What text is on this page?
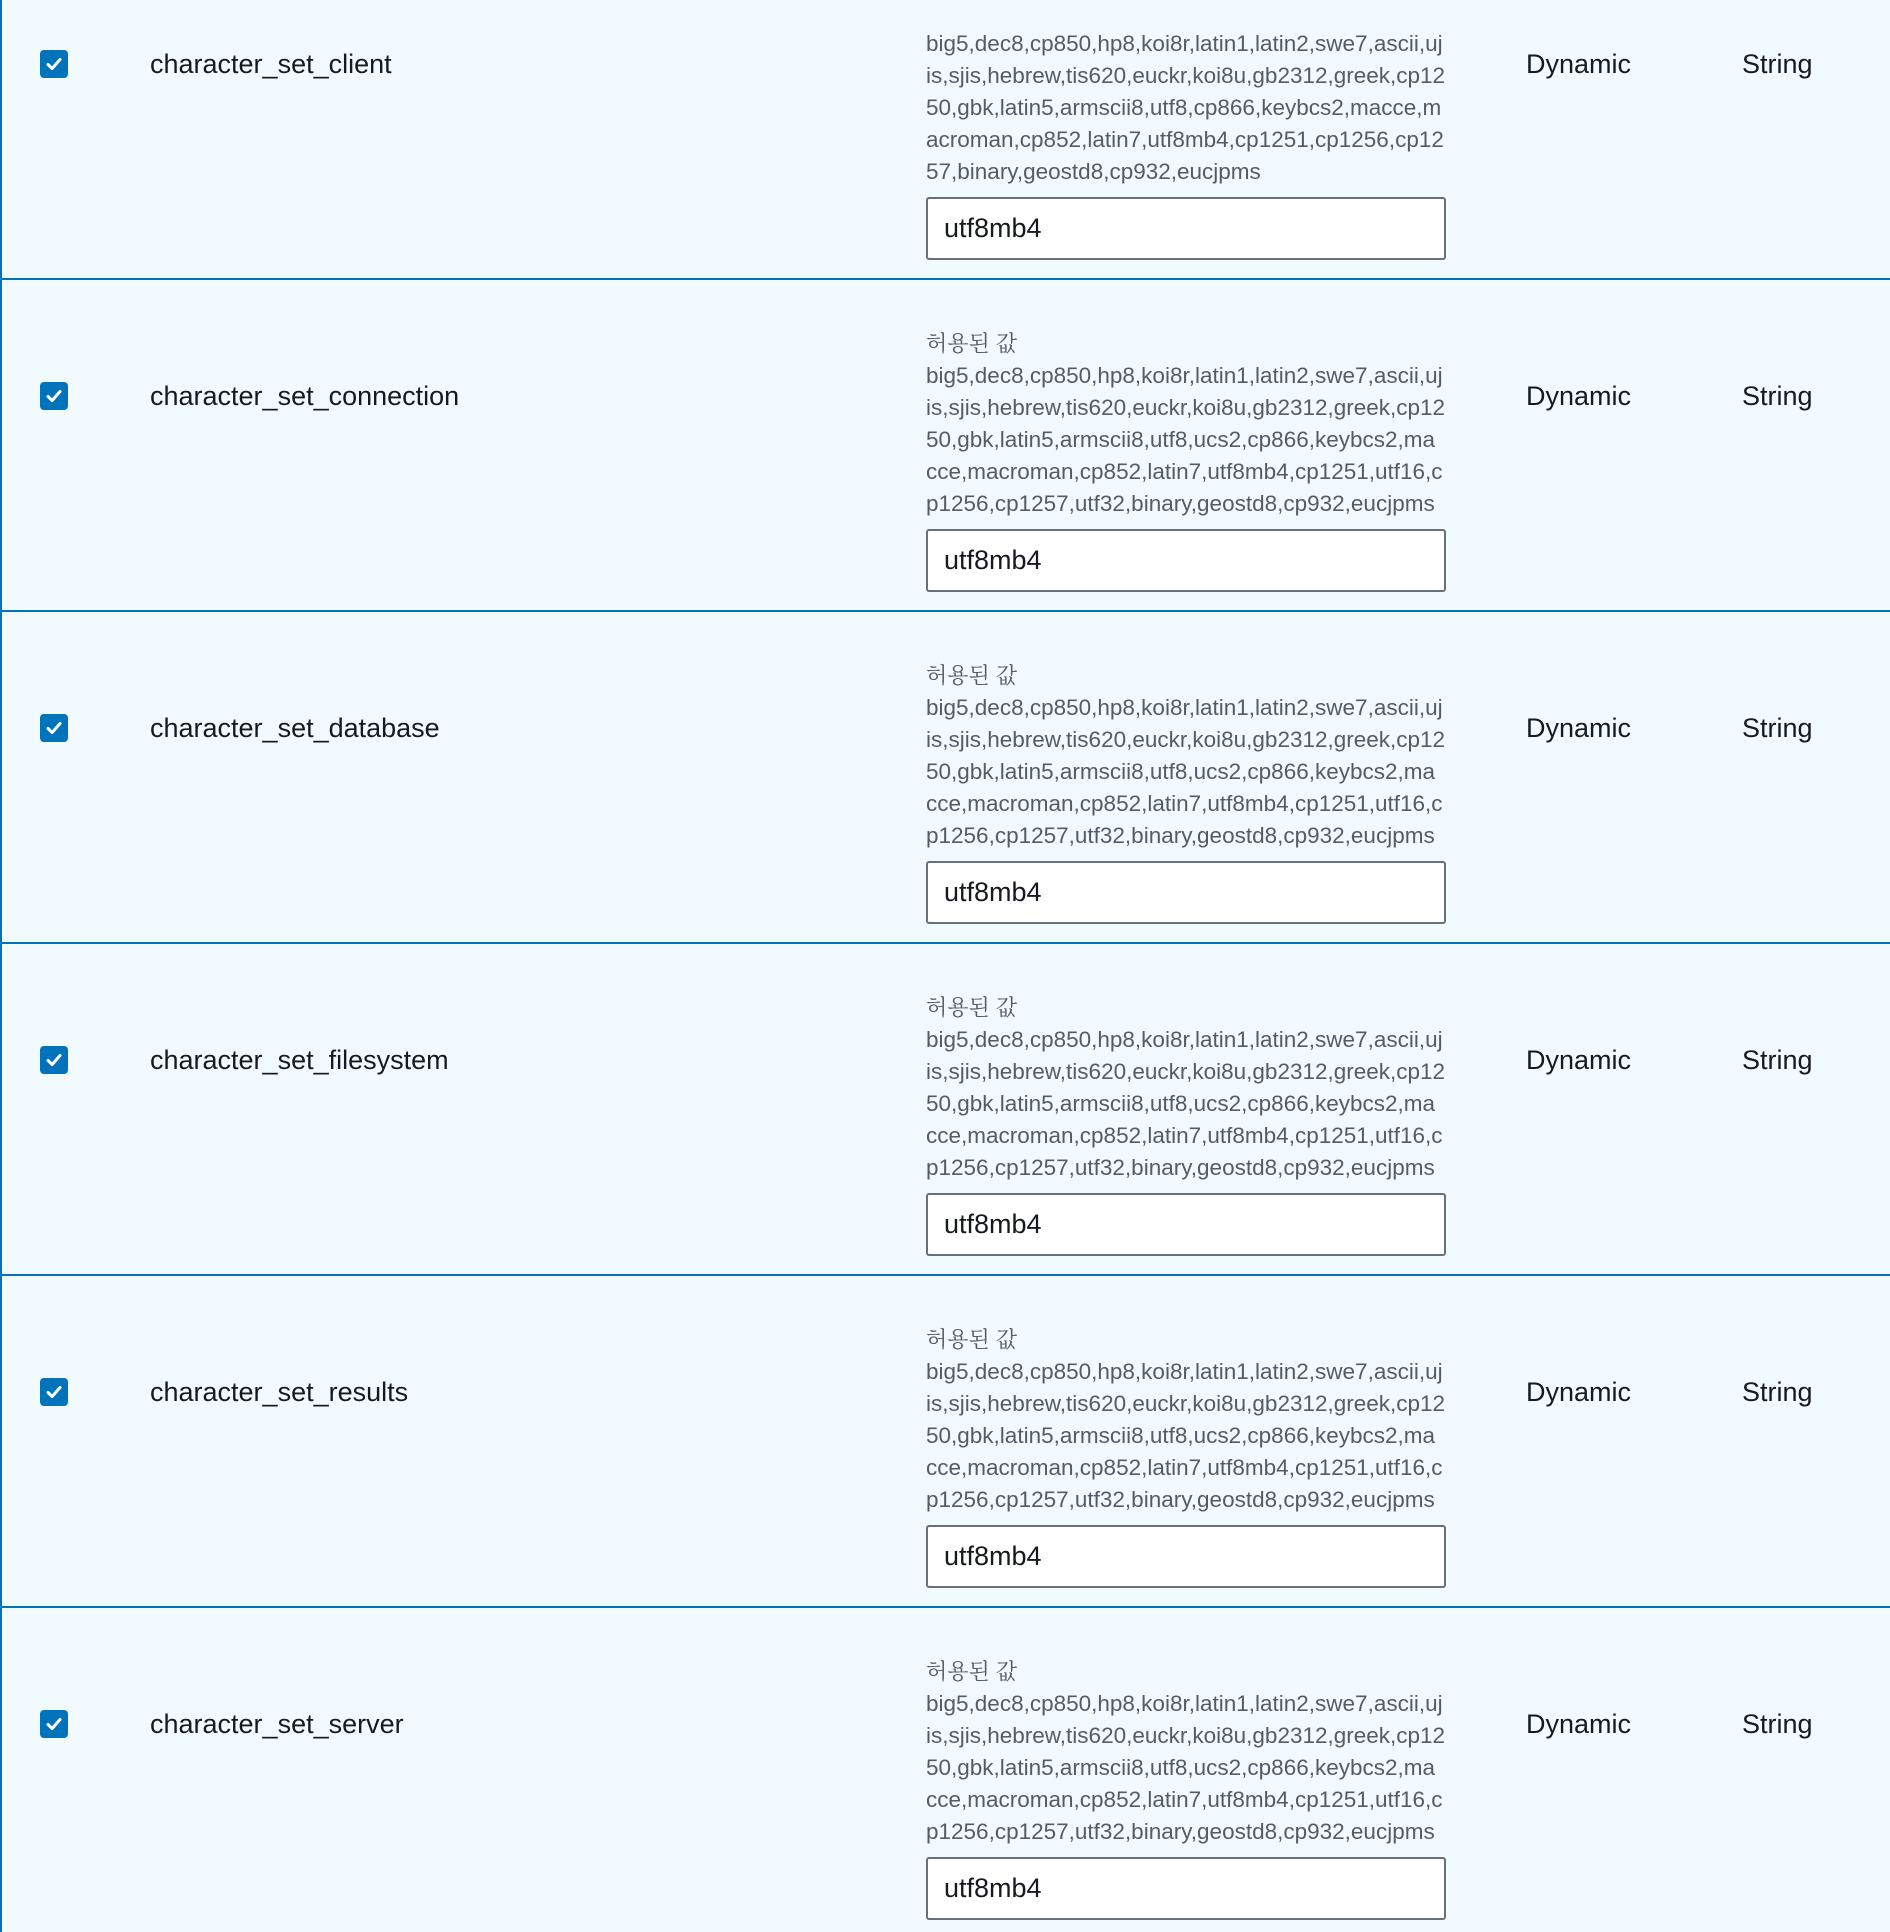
character_set_client
big5,dec8,cp850,hp8,koi8r,latin1,latin2,swe7,ascii,ujis,sjis,hebrew,tis620,euckr,koi8u,gb2312,greek,cp1250,gbk,latin5,armscii8,utf8,cp866,keybcs2,macce,macroman,cp852,latin7,utf8mb4,cp1251,cp1256,cp1257,binary,geostd8,cp932,eucjpms
utf8mb4
Dynamic	String
character_set_connection
허용된 값
big5,dec8,cp850,hp8,koi8r,latin1,latin2,swe7,ascii,ujis,sjis,hebrew,tis620,euckr,koi8u,gb2312,greek,cp1250,gbk,latin5,armscii8,utf8,ucs2,cp866,keybcs2,macce,macroman,cp852,latin7,utf8mb4,cp1251,utf16,cp1256,cp1257,utf32,binary,geostd8,cp932,eucjpms
utf8mb4
Dynamic	String
character_set_database
허용된 값
big5,dec8,cp850,hp8,koi8r,latin1,latin2,swe7,ascii,ujis,sjis,hebrew,tis620,euckr,koi8u,gb2312,greek,cp1250,gbk,latin5,armscii8,utf8,ucs2,cp866,keybcs2,macce,macroman,cp852,latin7,utf8mb4,cp1251,utf16,cp1256,cp1257,utf32,binary,geostd8,cp932,eucjpms
utf8mb4
Dynamic	String
character_set_filesystem
허용된 값
big5,dec8,cp850,hp8,koi8r,latin1,latin2,swe7,ascii,ujis,sjis,hebrew,tis620,euckr,koi8u,gb2312,greek,cp1250,gbk,latin5,armscii8,utf8,ucs2,cp866,keybcs2,macce,macroman,cp852,latin7,utf8mb4,cp1251,utf16,cp1256,cp1257,utf32,binary,geostd8,cp932,eucjpms
utf8mb4
Dynamic	String
character_set_results
허용된 값
big5,dec8,cp850,hp8,koi8r,latin1,latin2,swe7,ascii,ujis,sjis,hebrew,tis620,euckr,koi8u,gb2312,greek,cp1250,gbk,latin5,armscii8,utf8,ucs2,cp866,keybcs2,macce,macroman,cp852,latin7,utf8mb4,cp1251,utf16,cp1256,cp1257,utf32,binary,geostd8,cp932,eucjpms
utf8mb4
Dynamic	String
character_set_server
허용된 값
big5,dec8,cp850,hp8,koi8r,latin1,latin2,swe7,ascii,ujis,sjis,hebrew,tis620,euckr,koi8u,gb2312,greek,cp1250,gbk,latin5,armscii8,utf8,ucs2,cp866,keybcs2,macce,macroman,cp852,latin7,utf8mb4,cp1251,utf16,cp1256,cp1257,utf32,binary,geostd8,cp932,eucjpms
utf8mb4
Dynamic	String
